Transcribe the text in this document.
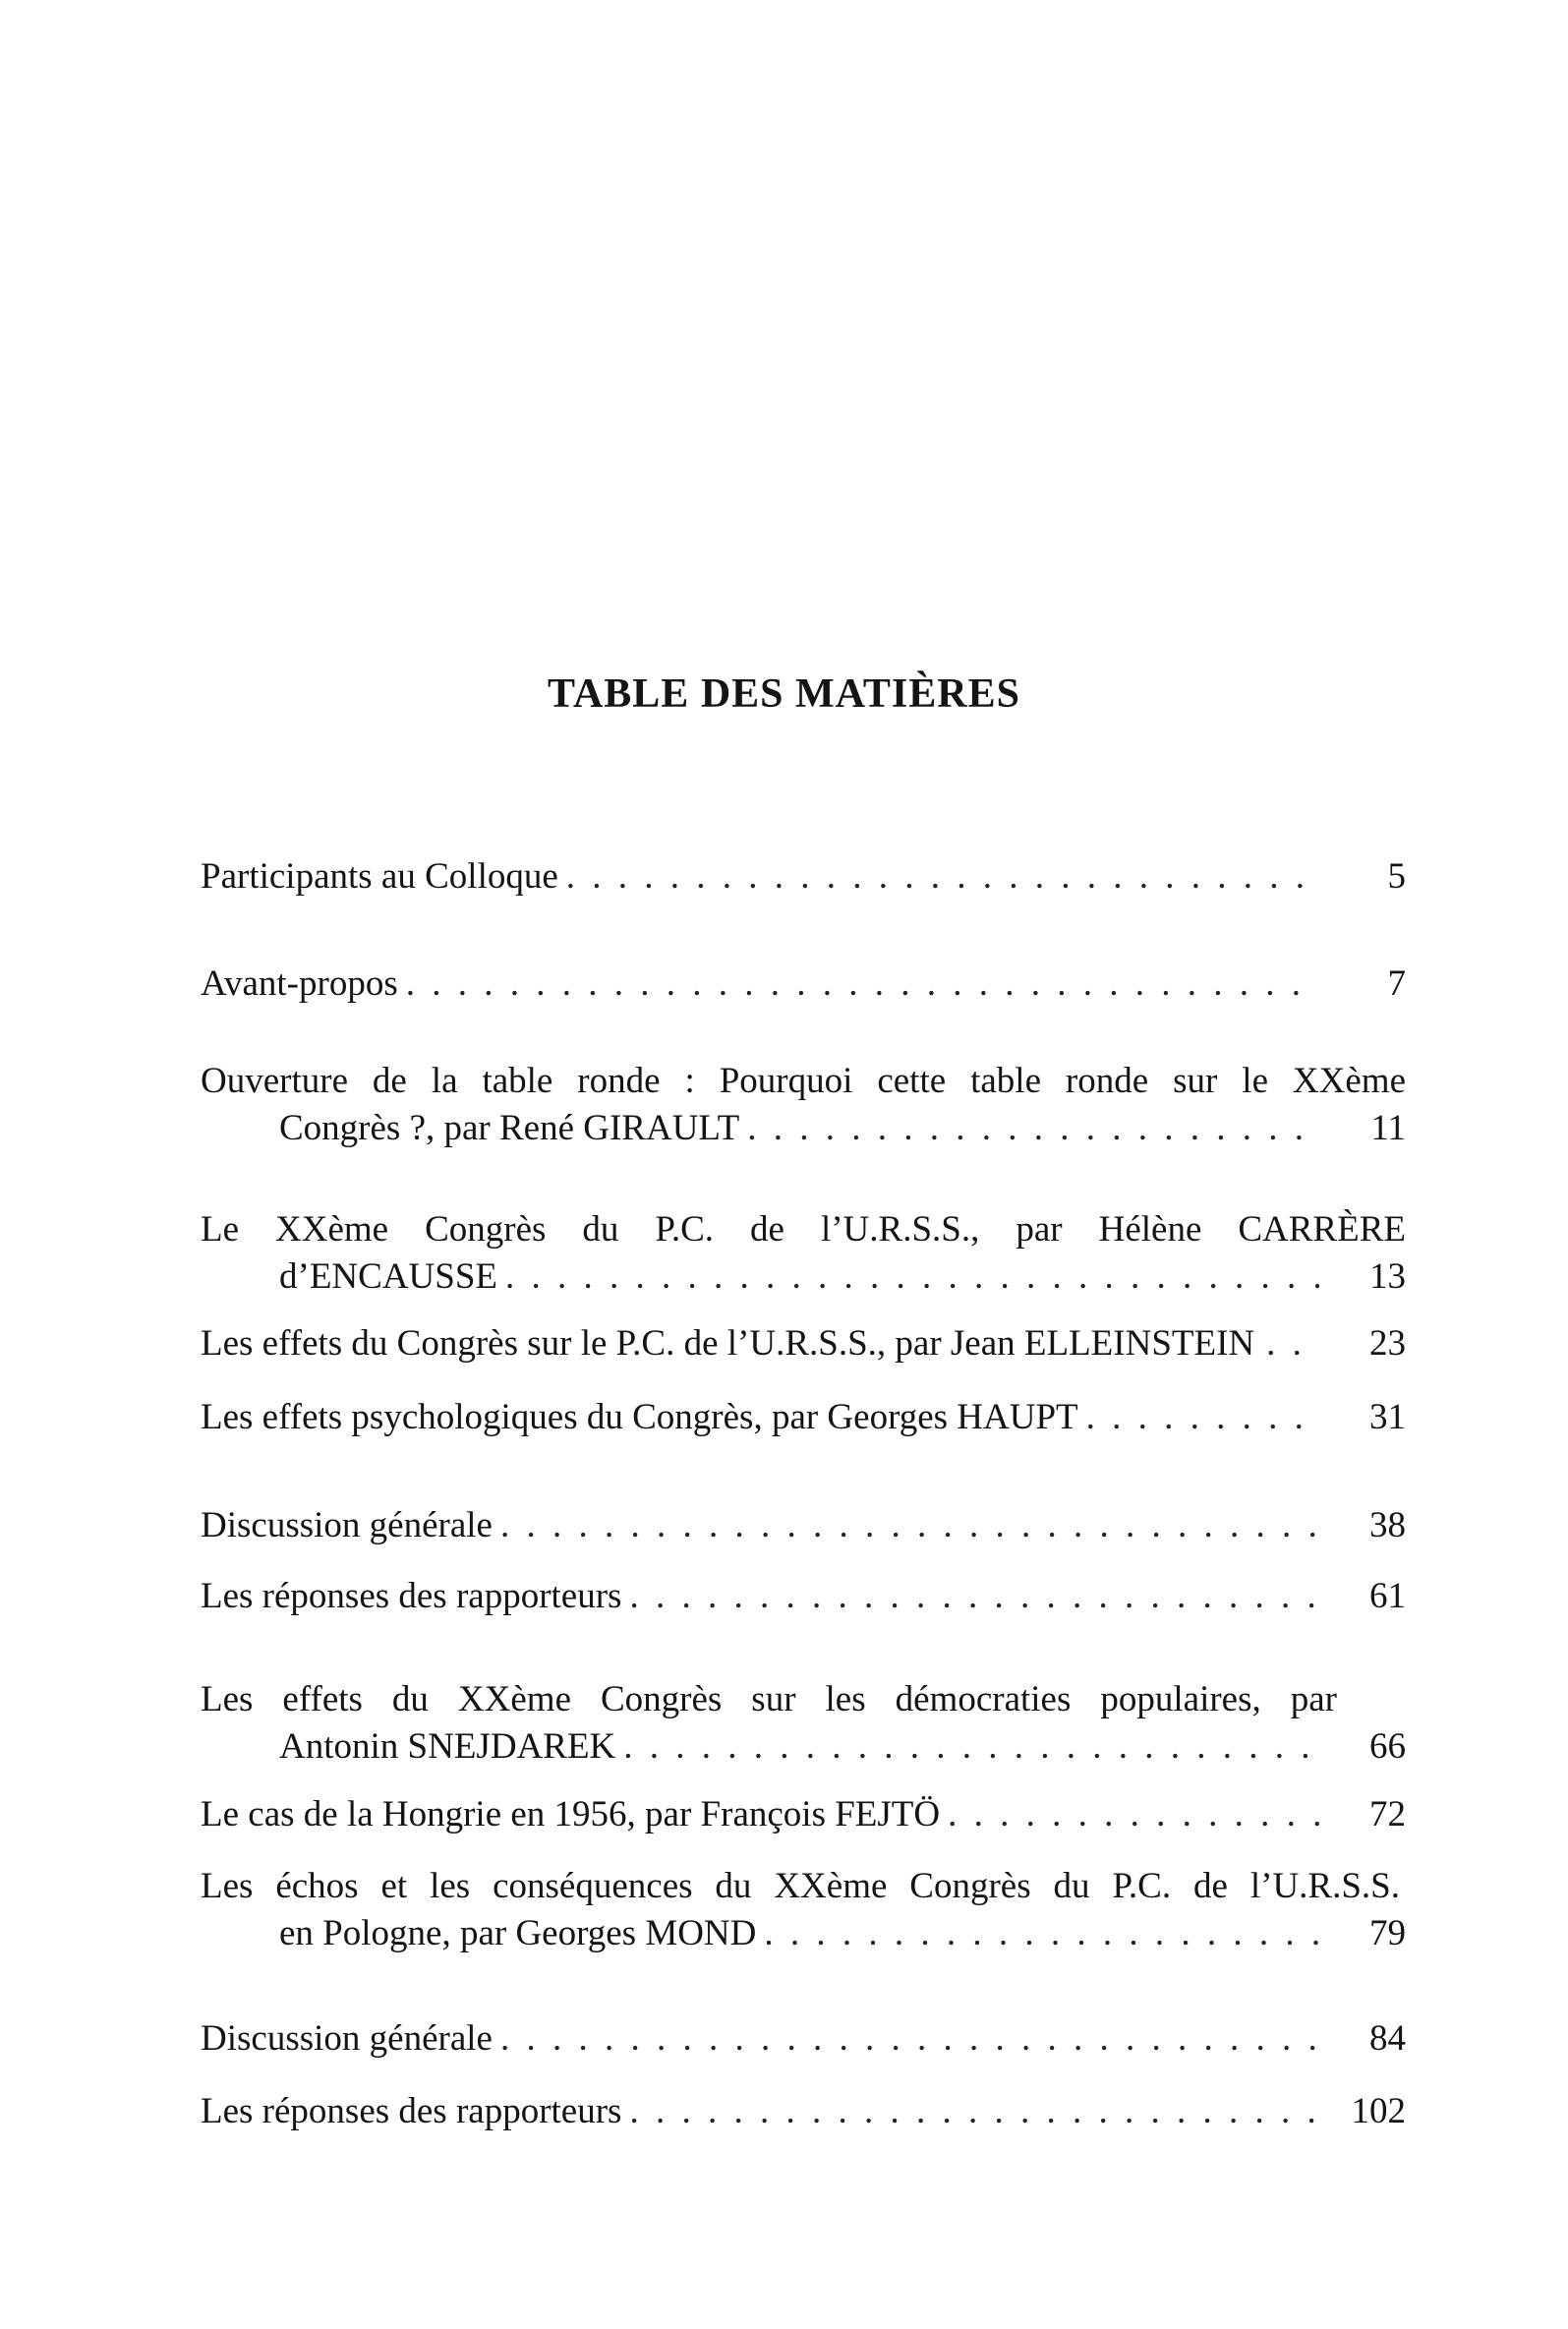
TABLE DES MATIÈRES
Participants au Colloque . . .	5
Avant-propos . . .	7
Ouverture de la table ronde : Pourquoi cette table ronde sur le XXème
Congrès ?, par René GIRAULT . . .	11
Le XXème Congrès du P.C. de l’U.R.S.S., par Hélène CARRÈRE
d’ENCAUSSE . . .	13
Les effets du Congrès sur le P.C. de l’U.R.S.S., par Jean ELLEINSTEIN . . .	23
Les effets psychologiques du Congrès, par Georges HAUPT . . .	31
Discussion générale . . .	38
Les réponses des rapporteurs . . .	61
Les effets du XXème Congrès sur les démocraties populaires, par
Antonin SNEJDAREK . . .	66
Le cas de la Hongrie en 1956, par François FEJTÖ . . .	72
Les échos et les conséquences du XXème Congrès du P.C. de l’U.R.S.S.
en Pologne, par Georges MOND . . .	79
Discussion générale . . .	84
Les réponses des rapporteurs . . .	102
